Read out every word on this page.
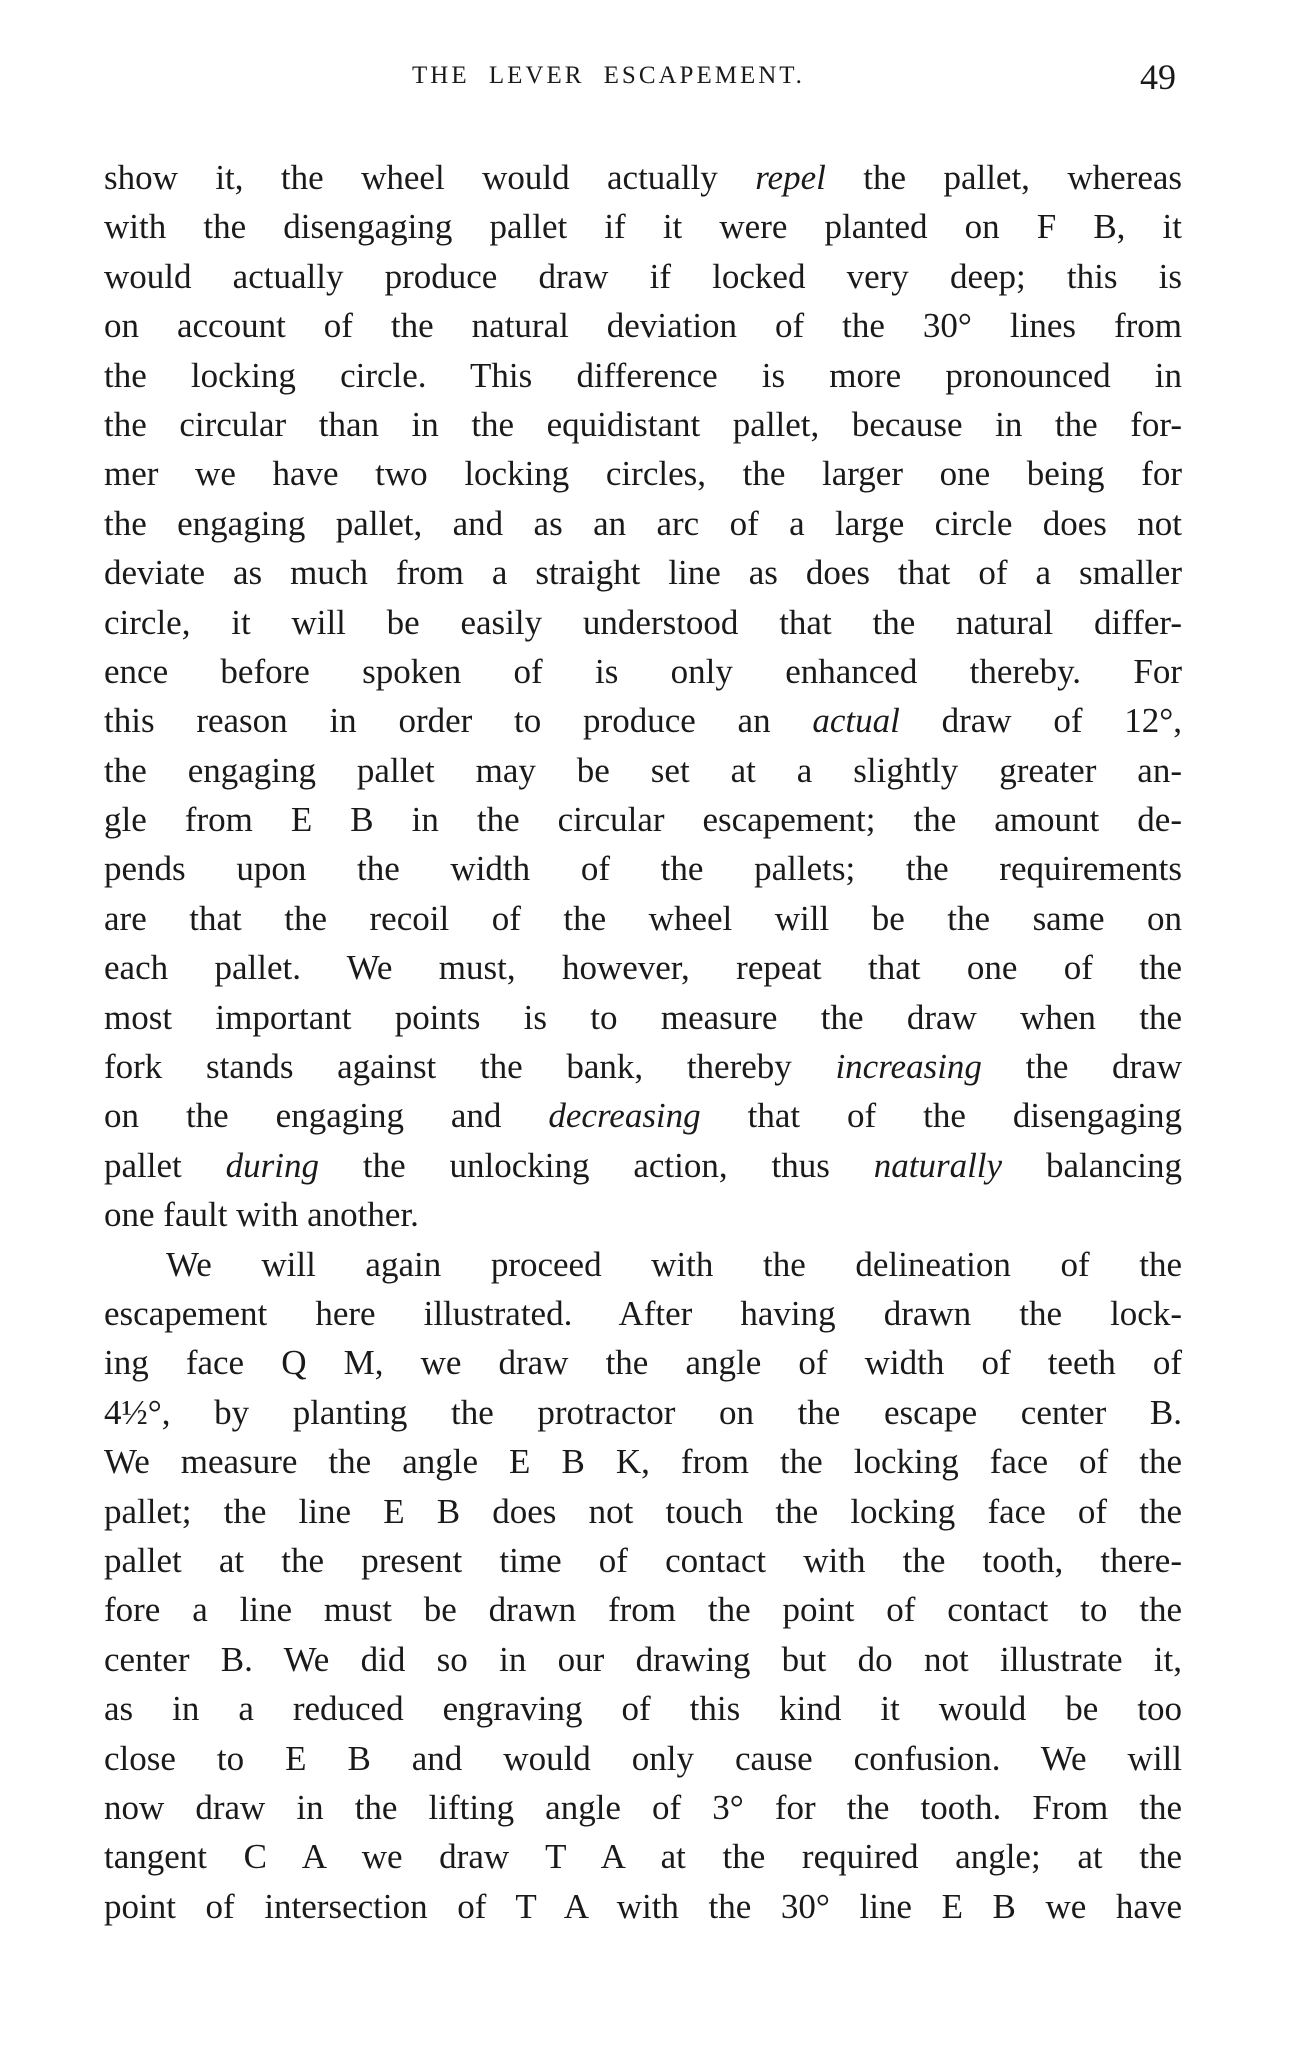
THE LEVER ESCAPEMENT.	49
show it, the wheel would actually repel the pallet, whereas
with the disengaging pallet if it were planted on F B, it
would actually produce draw if locked very deep; this is
on account of the natural deviation of the 30° lines from
the locking circle. This difference is more pronounced in
the circular than in the equidistant pallet, because in the for-
mer we have two locking circles, the larger one being for
the engaging pallet, and as an arc of a large circle does not
deviate as much from a straight line as does that of a smaller
circle, it will be easily understood that the natural differ-
ence before spoken of is only enhanced thereby. For
this reason in order to produce an actual draw of 12°,
the engaging pallet may be set at a slightly greater an-
gle from E B in the circular escapement; the amount de-
pends upon the width of the pallets; the requirements
are that the recoil of the wheel will be the same on
each pallet. We must, however, repeat that one of the
most important points is to measure the draw when the
fork stands against the bank, thereby increasing the draw
on the engaging and decreasing that of the disengaging
pallet during the unlocking action, thus naturally balancing
one fault with another.
We will again proceed with the delineation of the
escapement here illustrated. After having drawn the lock-
ing face Q M, we draw the angle of width of teeth of
4½°, by planting the protractor on the escape center B.
We measure the angle E B K, from the locking face of the
pallet; the line E B does not touch the locking face of the
pallet at the present time of contact with the tooth, there-
fore a line must be drawn from the point of contact to the
center B. We did so in our drawing but do not illustrate it,
as in a reduced engraving of this kind it would be too
close to E B and would only cause confusion. We will
now draw in the lifting angle of 3° for the tooth. From the
tangent C A we draw T A at the required angle; at the
point of intersection of T A with the 30° line E B we have
